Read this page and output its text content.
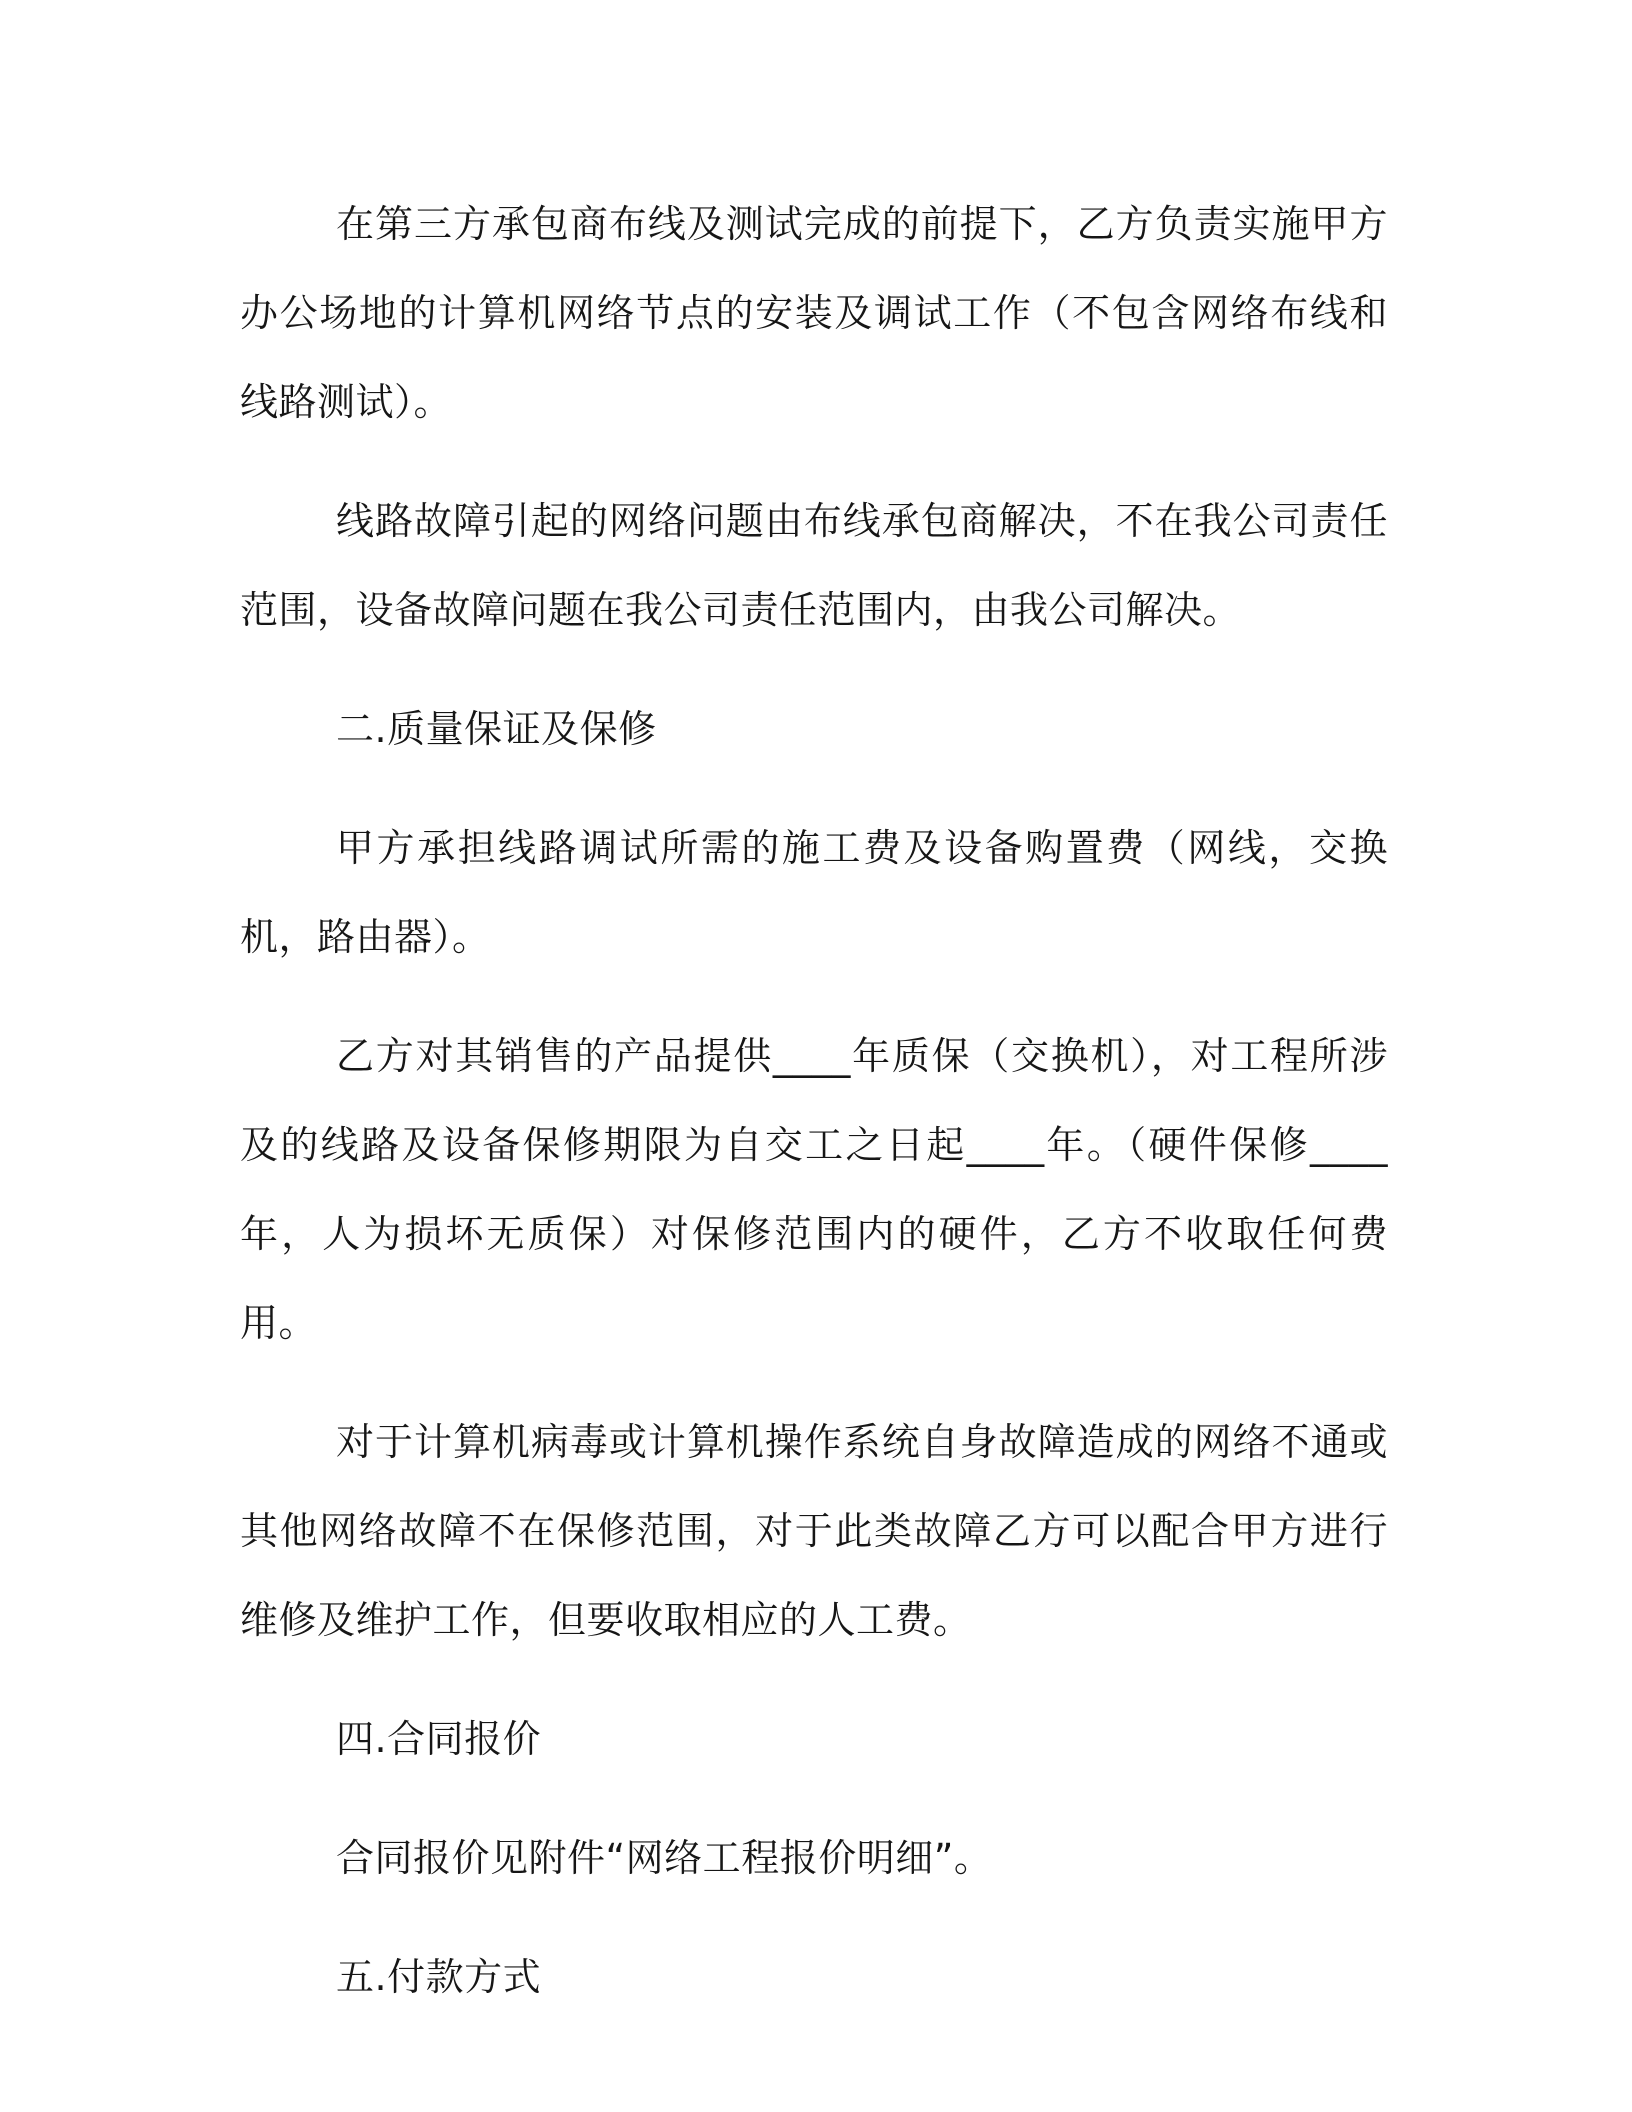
在第三方承包商布线及测试完成的前提下，乙方负责实施甲方办公场地的计算机网络节点的安装及调试工作（不包含网络布线和线路测试）。

线路故障引起的网络问题由布线承包商解决，不在我公司责任范围，设备故障问题在我公司责任范围内，由我公司解决。

二.质量保证及保修

甲方承担线路调试所需的施工费及设备购置费（网线，交换机，路由器）。

乙方对其销售的产品提供____年质保（交换机），对工程所涉及的线路及设备保修期限为自交工之日起____年。（硬件保修____年，人为损坏无质保）对保修范围内的硬件，乙方不收取任何费用。

对于计算机病毒或计算机操作系统自身故障造成的网络不通或其他网络故障不在保修范围，对于此类故障乙方可以配合甲方进行维修及维护工作，但要收取相应的人工费。

四.合同报价

合同报价见附件“网络工程报价明细”。

五.付款方式
